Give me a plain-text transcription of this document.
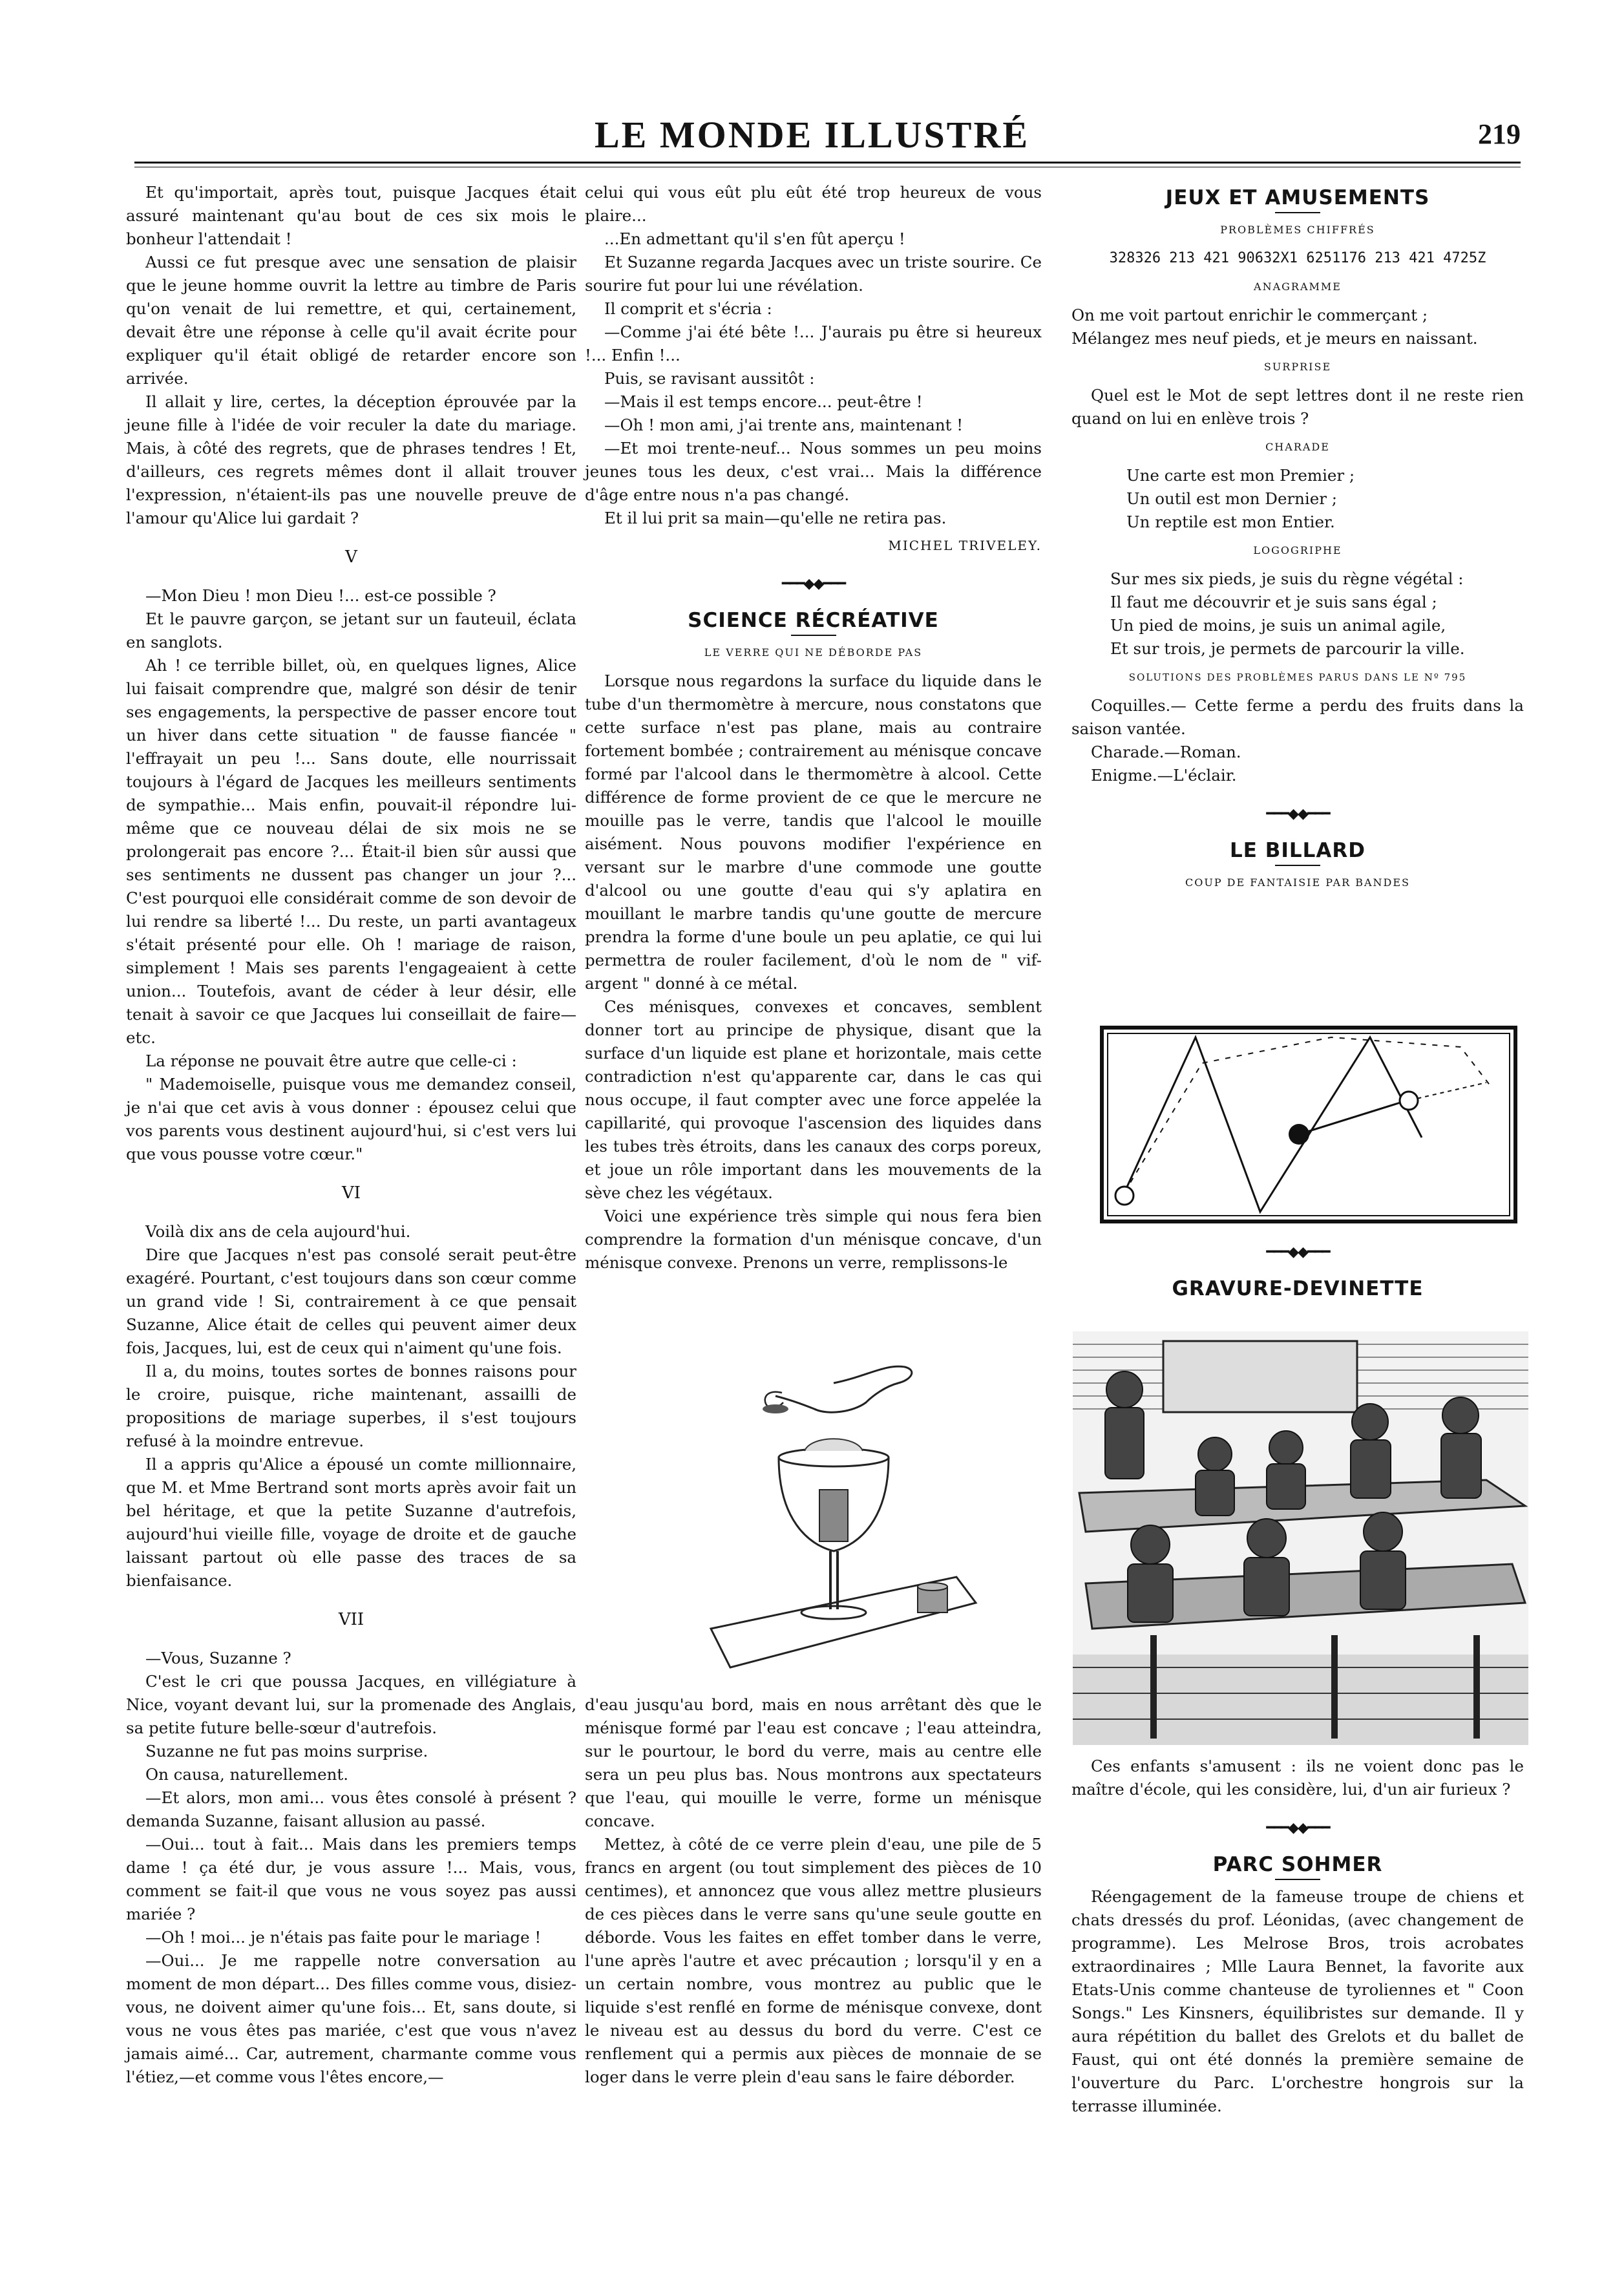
LE MONDE ILLUSTRÉ	219

Et qu'importait, après tout, puisque Jacques était assuré maintenant qu'au bout de ces six mois le bonheur l'attendait !

Aussi ce fut presque avec une sensation de plaisir que le jeune homme ouvrit la lettre au timbre de Paris qu'on venait de lui remettre, et qui, certainement, devait être une réponse à celle qu'il avait écrite pour expliquer qu'il était obligé de retarder encore son arrivée.

Il allait y lire, certes, la déception éprouvée par la jeune fille à l'idée de voir reculer la date du mariage. Mais, à côté des regrets, que de phrases tendres ! Et, d'ailleurs, ces regrets mêmes dont il allait trouver l'expression, n'étaient-ils pas une nouvelle preuve de l'amour qu'Alice lui gardait ?

V

—Mon Dieu ! mon Dieu !... est-ce possible ?

Et le pauvre garçon, se jetant sur un fauteuil, éclata en sanglots.

Ah ! ce terrible billet, où, en quelques lignes, Alice lui faisait comprendre que, malgré son désir de tenir ses engagements, la perspective de passer encore tout un hiver dans cette situation " de fausse fiancée " l'effrayait un peu !... Sans doute, elle nourrissait toujours à l'égard de Jacques les meilleurs sentiments de sympathie... Mais enfin, pouvait-il répondre lui-même que ce nouveau délai de six mois ne se prolongerait pas encore ?... Était-il bien sûr aussi que ses sentiments ne dussent pas changer un jour ?... C'est pourquoi elle considérait comme de son devoir de lui rendre sa liberté !... Du reste, un parti avantageux s'était présenté pour elle. Oh ! mariage de raison, simplement ! Mais ses parents l'engageaient à cette union... Toutefois, avant de céder à leur désir, elle tenait à savoir ce que Jacques lui conseillait de faire—etc.

La réponse ne pouvait être autre que celle-ci :

" Mademoiselle, puisque vous me demandez conseil, je n'ai que cet avis à vous donner : épousez celui que vos parents vous destinent aujourd'hui, si c'est vers lui que vous pousse votre cœur."

VI

Voilà dix ans de cela aujourd'hui.

Dire que Jacques n'est pas consolé serait peut-être exagéré. Pourtant, c'est toujours dans son cœur comme un grand vide ! Si, contrairement à ce que pensait Suzanne, Alice était de celles qui peuvent aimer deux fois, Jacques, lui, est de ceux qui n'aiment qu'une fois.

Il a, du moins, toutes sortes de bonnes raisons pour le croire, puisque, riche maintenant, assailli de propositions de mariage superbes, il s'est toujours refusé à la moindre entrevue.

Il a appris qu'Alice a épousé un comte millionnaire, que M. et Mme Bertrand sont morts après avoir fait un bel héritage, et que la petite Suzanne d'autrefois, aujourd'hui vieille fille, voyage de droite et de gauche laissant partout où elle passe des traces de sa bienfaisance.

VII

—Vous, Suzanne ?

C'est le cri que poussa Jacques, en villégiature à Nice, voyant devant lui, sur la promenade des Anglais, sa petite future belle-sœur d'autrefois.

Suzanne ne fut pas moins surprise.

On causa, naturellement.

—Et alors, mon ami... vous êtes consolé à présent ? demanda Suzanne, faisant allusion au passé.

—Oui... tout à fait... Mais dans les premiers temps dame ! ça été dur, je vous assure !... Mais, vous, comment se fait-il que vous ne vous soyez pas aussi mariée ?

—Oh ! moi... je n'étais pas faite pour le mariage !

—Oui... Je me rappelle notre conversation au moment de mon départ... Des filles comme vous, disiez-vous, ne doivent aimer qu'une fois... Et, sans doute, si vous ne vous êtes pas mariée, c'est que vous n'avez jamais aimé... Car, autrement, charmante comme vous l'étiez,—et comme vous l'êtes encore,—

celui qui vous eût plu eût été trop heureux de vous plaire...

...En admettant qu'il s'en fût aperçu !

Et Suzanne regarda Jacques avec un triste sourire. Ce sourire fut pour lui une révélation.

Il comprit et s'écria :

—Comme j'ai été bête !... J'aurais pu être si heureux !... Enfin !...

Puis, se ravisant aussitôt :

—Mais il est temps encore... peut-être !

—Oh ! mon ami, j'ai trente ans, maintenant !

—Et moi trente-neuf... Nous sommes un peu moins jeunes tous les deux, c'est vrai... Mais la différence d'âge entre nous n'a pas changé.

Et il lui prit sa main—qu'elle ne retira pas.

MICHEL TRIVELEY.

━━━◆◆━━━
SCIENCE RÉCRÉATIVE
LE VERRE QUI NE DÉBORDE PAS

Lorsque nous regardons la surface du liquide dans le tube d'un thermomètre à mercure, nous constatons que cette surface n'est pas plane, mais au contraire fortement bombée ; contrairement au ménisque concave formé par l'alcool dans le thermomètre à alcool. Cette différence de forme provient de ce que le mercure ne mouille pas le verre, tandis que l'alcool le mouille aisément. Nous pouvons modifier l'expérience en versant sur le marbre d'une commode une goutte d'alcool ou une goutte d'eau qui s'y aplatira en mouillant le marbre tandis qu'une goutte de mercure prendra la forme d'une boule un peu aplatie, ce qui lui permettra de rouler facilement, d'où le nom de " vif-argent " donné à ce métal.

Ces ménisques, convexes et concaves, semblent donner tort au principe de physique, disant que la surface d'un liquide est plane et horizontale, mais cette contradiction n'est qu'apparente car, dans le cas qui nous occupe, il faut compter avec une force appelée la capillarité, qui provoque l'ascension des liquides dans les tubes très étroits, dans les canaux des corps poreux, et joue un rôle important dans les mouvements de la sève chez les végétaux.

Voici une expérience très simple qui nous fera bien comprendre la formation d'un ménisque concave, d'un ménisque convexe. Prenons un verre, remplissons-le

d'eau jusqu'au bord, mais en nous arrêtant dès que le ménisque formé par l'eau est concave ; l'eau atteindra, sur le pourtour, le bord du verre, mais au centre elle sera un peu plus bas. Nous montrons aux spectateurs que l'eau, qui mouille le verre, forme un ménisque concave.

Mettez, à côté de ce verre plein d'eau, une pile de 5 francs en argent (ou tout simplement des pièces de 10 centimes), et annoncez que vous allez mettre plusieurs de ces pièces dans le verre sans qu'une seule goutte en déborde. Vous les faites en effet tomber dans le verre, l'une après l'autre et avec précaution ; lorsqu'il y en a un certain nombre, vous montrez au public que le liquide s'est renflé en forme de ménisque convexe, dont le niveau est au dessus du bord du verre. C'est ce renflement qui a permis aux pièces de monnaie de se loger dans le verre plein d'eau sans le faire déborder.

JEUX ET AMUSEMENTS
PROBLÈMES CHIFFRÉS
328326 213 421 90632X1 6251176 213 421 4725Z
ANAGRAMME

On me voit partout enrichir le commerçant ;

Mélangez mes neuf pieds, et je meurs en naissant.

SURPRISE

Quel est le Mot de sept lettres dont il ne reste rien quand on lui en enlève trois ?

CHARADE

Une carte est mon Premier ;

Un outil est mon Dernier ;

Un reptile est mon Entier.

LOGOGRIPHE

Sur mes six pieds, je suis du règne végétal :

Il faut me découvrir et je suis sans égal ;

Un pied de moins, je suis un animal agile,

Et sur trois, je permets de parcourir la ville.

SOLUTIONS DES PROBLÈMES PARUS DANS LE Nº 795

Coquilles.— Cette ferme a perdu des fruits dans la saison vantée.

Charade.—Roman.

Enigme.—L'éclair.

━━━◆◆━━━
LE BILLARD
COUP DE FANTAISIE PAR BANDES
━━━◆◆━━━
GRAVURE-DEVINETTE

Ces enfants s'amusent : ils ne voient donc pas le maître d'école, qui les considère, lui, d'un air furieux ?

━━━◆◆━━━
PARC SOHMER

Réengagement de la fameuse troupe de chiens et chats dressés du prof. Léonidas, (avec changement de programme). Les Melrose Bros, trois acrobates extraordinaires ; Mlle Laura Bennet, la favorite aux Etats-Unis comme chanteuse de tyroliennes et " Coon Songs." Les Kinsners, équilibristes sur demande. Il y aura répétition du ballet des Grelots et du ballet de Faust, qui ont été donnés la première semaine de l'ouverture du Parc. L'orchestre hongrois sur la terrasse illuminée.
